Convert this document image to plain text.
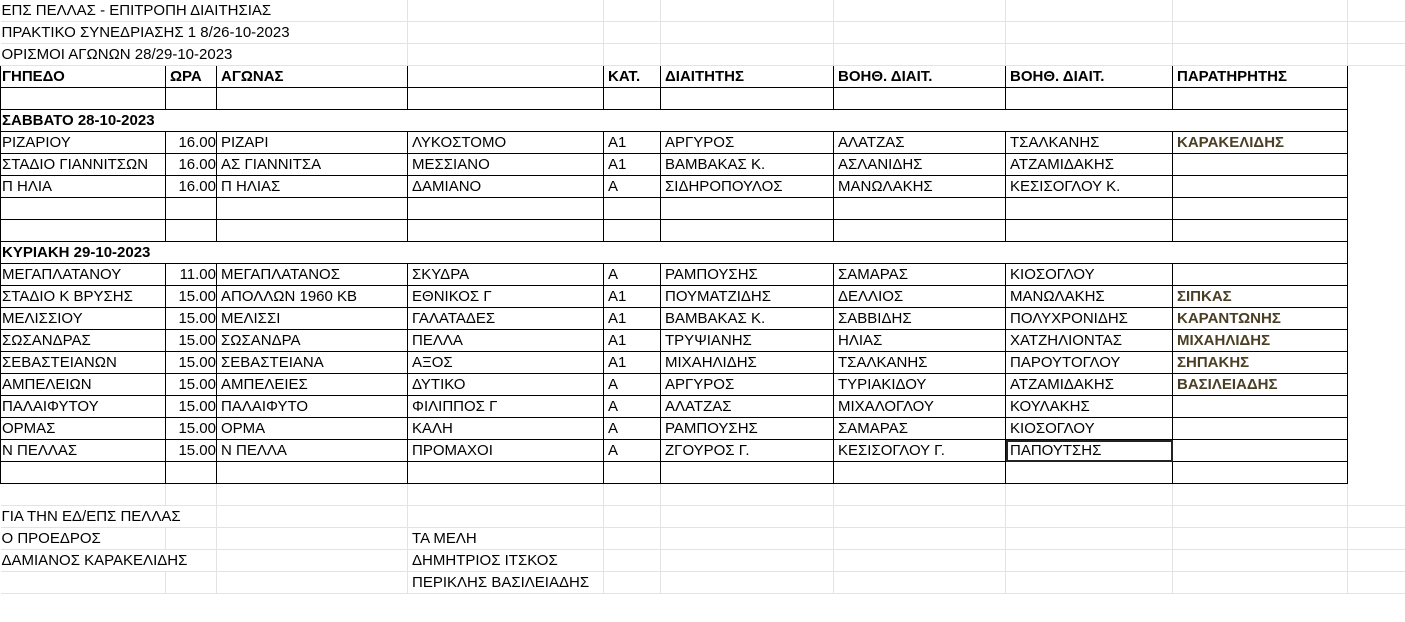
ΕΠΣ ΠΕΛΛΑΣ - ΕΠΙΤΡΟΠΗ ΔΙΑΙΤΗΣΙΑΣ									
ΠΡΑΚΤΙΚΟ ΣΥΝΕΔΡΙΑΣΗΣ 1 8/26-10-2023									
ΟΡΙΣΜΟΙ ΑΓΩΝΩΝ 28/29-10-2023									
ΓΗΠΕΔΟ	ΩΡΑ	ΑΓΩΝΑΣ		ΚΑΤ.	ΔΙΑΙΤΗΤΗΣ	ΒΟΗΘ. ΔΙΑΙΤ.	ΒΟΗΘ. ΔΙΑΙΤ.	ΠΑΡΑΤΗΡΗΤΗΣ	

ΣΑΒΒΑΤΟ 28-10-2023									
ΡΙΖΑΡΙΟΥ	16.00	ΡΙΖΑΡΙ	ΛΥΚΟΣΤΟΜΟ	Α1	ΑΡΓΥΡΟΣ	ΑΛΑΤΖΑΣ	ΤΣΑΛΚΑΝΗΣ	ΚΑΡΑΚΕΛΙΔΗΣ	
ΣΤΑΔΙΟ ΓΙΑΝΝΙΤΣΩΝ	16.00	ΑΣ ΓΙΑΝΝΙΤΣΑ	ΜΕΣΣΙΑΝΟ	Α1	ΒΑΜΒΑΚΑΣ Κ.	ΑΣΛΑΝΙΔΗΣ	ΑΤΖΑΜΙΔΑΚΗΣ		
Π ΗΛΙΑ	16.00	Π ΗΛΙΑΣ	ΔΑΜΙΑΝΟ	Α	ΣΙΔΗΡΟΠΟΥΛΟΣ	ΜΑΝΩΛΑΚΗΣ	ΚΕΣΙΣΟΓΛΟΥ Κ.		

ΚΥΡΙΑΚΗ 29-10-2023									
ΜΕΓΑΠΛΑΤΑΝΟΥ	11.00	ΜΕΓΑΠΛΑΤΑΝΟΣ	ΣΚΥΔΡΑ	Α	ΡΑΜΠΟΥΣΗΣ	ΣΑΜΑΡΑΣ	ΚΙΟΣΟΓΛΟΥ		
ΣΤΑΔΙΟ Κ ΒΡΥΣΗΣ	15.00	ΑΠΟΛΛΩΝ 1960 ΚΒ	ΕΘΝΙΚΟΣ Γ	Α1	ΠΟΥΜΑΤΖΙΔΗΣ	ΔΕΛΛΙΟΣ	ΜΑΝΩΛΑΚΗΣ	ΣΙΠΚΑΣ	
ΜΕΛΙΣΣΙΟΥ	15.00	ΜΕΛΙΣΣΙ	ΓΑΛΑΤΑΔΕΣ	Α1	ΒΑΜΒΑΚΑΣ Κ.	ΣΑΒΒΙΔΗΣ	ΠΟΛΥΧΡΟΝΙΔΗΣ	ΚΑΡΑΝΤΩΝΗΣ	
ΣΩΣΑΝΔΡΑΣ	15.00	ΣΩΣΑΝΔΡΑ	ΠΕΛΛΑ	Α1	ΤΡΥΨΙΑΝΗΣ	ΗΛΙΑΣ	ΧΑΤΖΗΛΙΟΝΤΑΣ	ΜΙΧΑΗΛΙΔΗΣ	
ΣΕΒΑΣΤΕΙΑΝΩΝ	15.00	ΣΕΒΑΣΤΕΙΑΝΑ	ΑΞΟΣ	Α1	ΜΙΧΑΗΛΙΔΗΣ	ΤΣΑΛΚΑΝΗΣ	ΠΑΡΟΥΤΟΓΛΟΥ	ΣΗΠΑΚΗΣ	
ΑΜΠΕΛΕΙΩΝ	15.00	ΑΜΠΕΛΕΙΕΣ	ΔΥΤΙΚΟ	Α	ΑΡΓΥΡΟΣ	ΤΥΡΙΑΚΙΔΟΥ	ΑΤΖΑΜΙΔΑΚΗΣ	ΒΑΣΙΛΕΙΑΔΗΣ	
ΠΑΛΑΙΦΥΤΟΥ	15.00	ΠΑΛΑΙΦΥΤΟ	ΦΙΛΙΠΠΟΣ Γ	Α	ΑΛΑΤΖΑΣ	ΜΙΧΑΛΟΓΛΟΥ	ΚΟΥΛΑΚΗΣ		
ΟΡΜΑΣ	15.00	ΟΡΜΑ	ΚΑΛΗ	Α	ΡΑΜΠΟΥΣΗΣ	ΣΑΜΑΡΑΣ	ΚΙΟΣΟΓΛΟΥ		
Ν ΠΕΛΛΑΣ	15.00	Ν ΠΕΛΛΑ	ΠΡΟΜΑΧΟΙ	Α	ΖΓΟΥΡΟΣ Γ.	ΚΕΣΙΣΟΓΛΟΥ Γ.	ΠΑΠΟΥΤΣΗΣ		

ΓΙΑ ΤΗΝ ΕΔ/ΕΠΣ ΠΕΛΛΑΣ									
Ο ΠΡΟΕΔΡΟΣ			ΤΑ ΜΕΛΗ						
ΔΑΜΙΑΝΟΣ ΚΑΡΑΚΕΛΙΔΗΣ			ΔΗΜΗΤΡΙΟΣ ΙΤΣΚΟΣ						
			ΠΕΡΙΚΛΗΣ ΒΑΣΙΛΕΙΑΔΗΣ						
